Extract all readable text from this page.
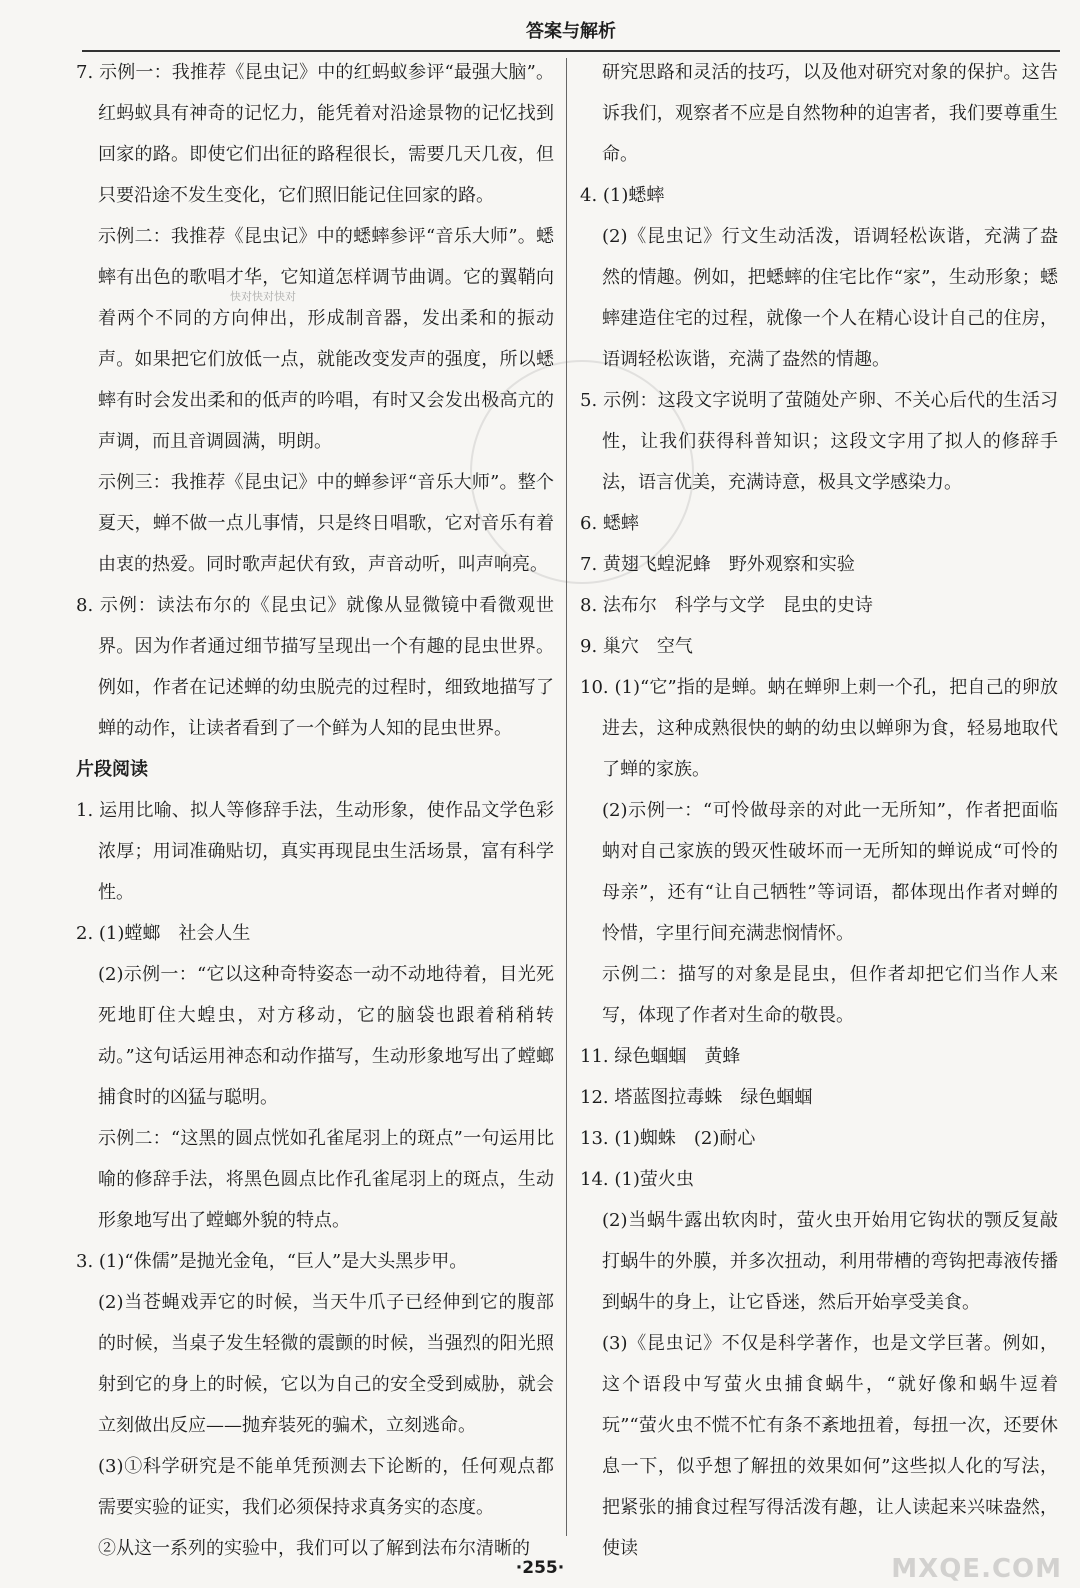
答案与解析
快对快对快对

7. 示例一：我推荐《昆虫记》中的红蚂蚁参评“最强大脑”。红蚂蚁具有神奇的记忆力，能凭着对沿途景物的记忆找到回家的路。即使它们出征的路程很长，需要几天几夜，但只要沿途不发生变化，它们照旧能记住回家的路。

示例二：我推荐《昆虫记》中的蟋蟀参评“音乐大师”。蟋蟀有出色的歌唱才华，它知道怎样调节曲调。它的翼鞘向着两个不同的方向伸出，形成制音器，发出柔和的振动声。如果把它们放低一点，就能改变发声的强度，所以蟋蟀有时会发出柔和的低声的吟唱，有时又会发出极高亢的声调，而且音调圆满，明朗。

示例三：我推荐《昆虫记》中的蝉参评“音乐大师”。整个夏天，蝉不做一点儿事情，只是终日唱歌，它对音乐有着由衷的热爱。同时歌声起伏有致，声音动听，叫声响亮。

8. 示例：读法布尔的《昆虫记》就像从显微镜中看微观世界。因为作者通过细节描写呈现出一个有趣的昆虫世界。例如，作者在记述蝉的幼虫脱壳的过程时，细致地描写了蝉的动作，让读者看到了一个鲜为人知的昆虫世界。

片段阅读

1. 运用比喻、拟人等修辞手法，生动形象，使作品文学色彩浓厚；用词准确贴切，真实再现昆虫生活场景，富有科学性。

2. (1)螳螂　社会人生

(2)示例一：“它以这种奇特姿态一动不动地待着，目光死死地盯住大蝗虫，对方移动，它的脑袋也跟着稍稍转动。”这句话运用神态和动作描写，生动形象地写出了螳螂捕食时的凶猛与聪明。

示例二：“这黑的圆点恍如孔雀尾羽上的斑点”一句运用比喻的修辞手法，将黑色圆点比作孔雀尾羽上的斑点，生动形象地写出了螳螂外貌的特点。

3. (1)“侏儒”是抛光金龟，“巨人”是大头黑步甲。

(2)当苍蝇戏弄它的时候，当天牛爪子已经伸到它的腹部的时候，当桌子发生轻微的震颤的时候，当强烈的阳光照射到它的身上的时候，它以为自己的安全受到威胁，就会立刻做出反应——抛弃装死的骗术，立刻逃命。

(3)①科学研究是不能单凭预测去下论断的，任何观点都需要实验的证实，我们必须保持求真务实的态度。

②从这一系列的实验中，我们可以了解到法布尔清晰的

研究思路和灵活的技巧，以及他对研究对象的保护。这告诉我们，观察者不应是自然物种的迫害者，我们要尊重生命。

4. (1)蟋蟀

(2)《昆虫记》行文生动活泼，语调轻松诙谐，充满了盎然的情趣。例如，把蟋蟀的住宅比作“家”，生动形象；蟋蟀建造住宅的过程，就像一个人在精心设计自己的住房，语调轻松诙谐，充满了盎然的情趣。

5. 示例：这段文字说明了萤随处产卵、不关心后代的生活习性，让我们获得科普知识；这段文字用了拟人的修辞手法，语言优美，充满诗意，极具文学感染力。

6. 蟋蟀

7. 黄翅飞蝗泥蜂　野外观察和实验

8. 法布尔　科学与文学　昆虫的史诗

9. 巢穴　空气

10. (1)“它”指的是蝉。蚋在蝉卵上刺一个孔，把自己的卵放进去，这种成熟很快的蚋的幼虫以蝉卵为食，轻易地取代了蝉的家族。

(2)示例一：“可怜做母亲的对此一无所知”，作者把面临蚋对自己家族的毁灭性破坏而一无所知的蝉说成“可怜的母亲”，还有“让自己牺牲”等词语，都体现出作者对蝉的怜惜，字里行间充满悲悯情怀。

示例二：描写的对象是昆虫，但作者却把它们当作人来写，体现了作者对生命的敬畏。

11. 绿色蝈蝈　黄蜂

12. 塔蓝图拉毒蛛　绿色蝈蝈

13. (1)蜘蛛　(2)耐心

14. (1)萤火虫

(2)当蜗牛露出软肉时，萤火虫开始用它钩状的颚反复敲打蜗牛的外膜，并多次扭动，利用带槽的弯钩把毒液传播到蜗牛的身上，让它昏迷，然后开始享受美食。

(3)《昆虫记》不仅是科学著作，也是文学巨著。例如，这个语段中写萤火虫捕食蜗牛，“就好像和蜗牛逗着玩”“萤火虫不慌不忙有条不紊地扭着，每扭一次，还要休息一下，似乎想了解扭的效果如何”这些拟人化的写法，把紧张的捕食过程写得活泼有趣，让人读起来兴味盎然，使读

·255·	MXQE.COM
